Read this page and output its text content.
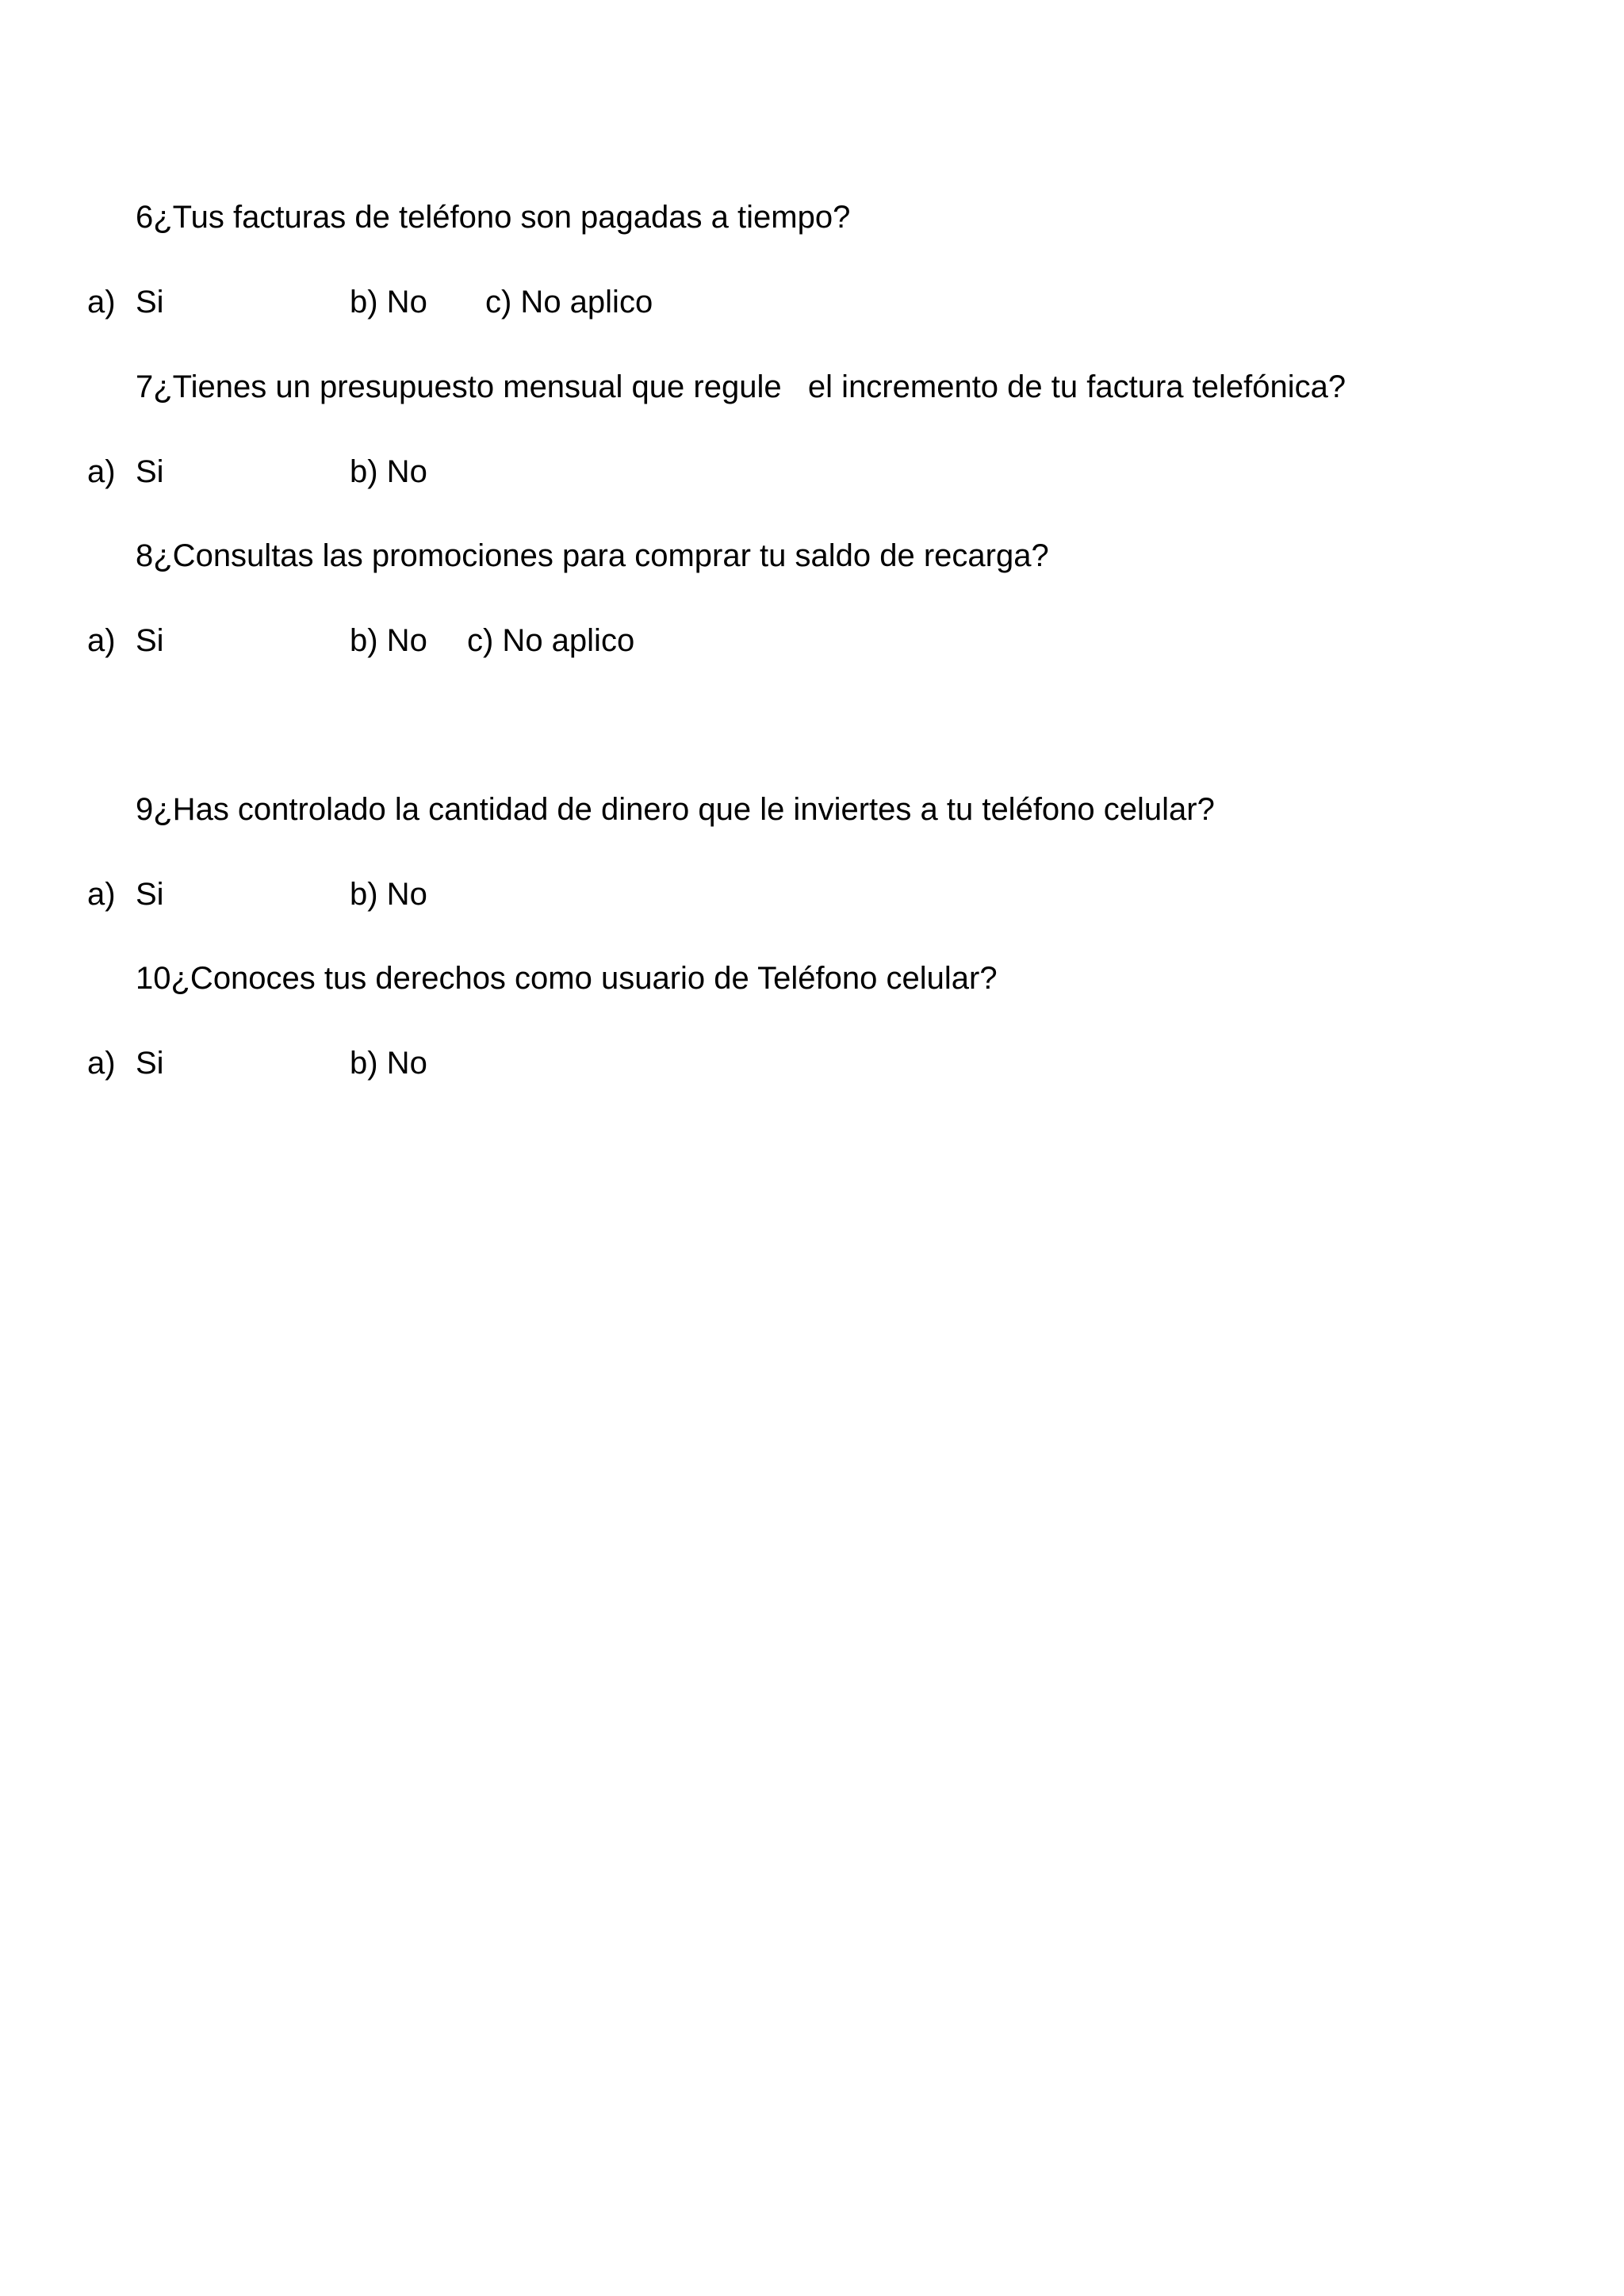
6¿Tus facturas de teléfono son pagadas a tiempo?
a) Si	b) No c) No aplico
7¿Tienes un presupuesto mensual que regule   el incremento de tu factura telefónica?
a) Si	b) No
8¿Consultas las promociones para comprar tu saldo de recarga?
a) Si	b) No c) No aplico
9¿Has controlado la cantidad de dinero que le inviertes a tu teléfono celular?
a) Si	b) No
10¿Conoces tus derechos como usuario de Teléfono celular?
a) Si	b) No
